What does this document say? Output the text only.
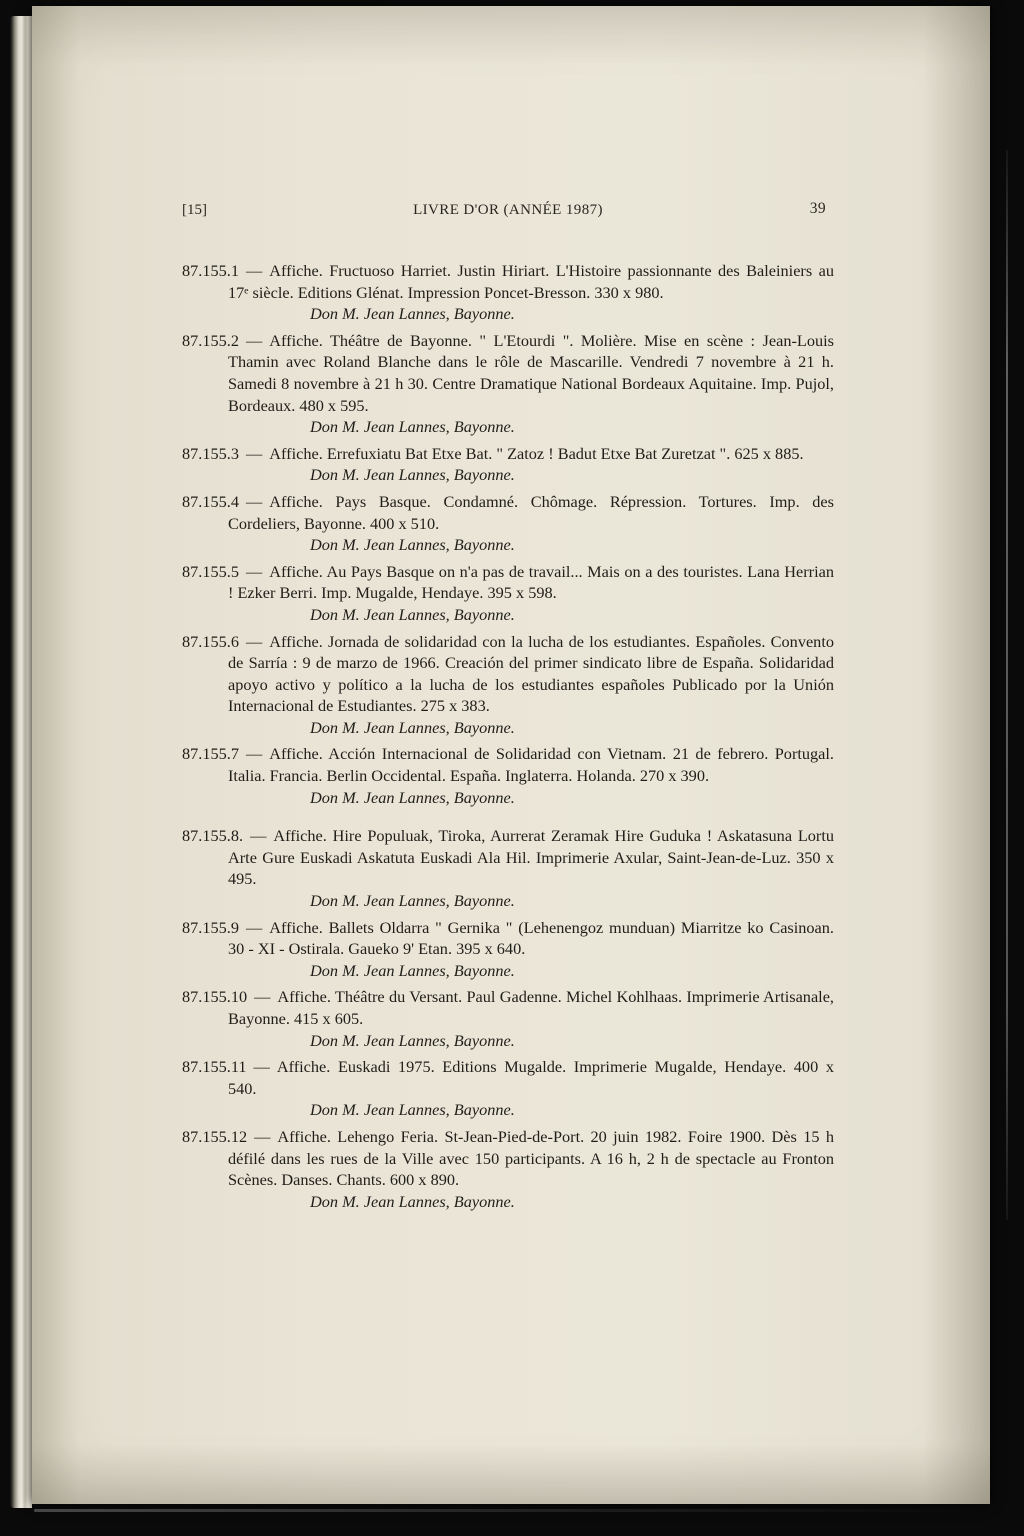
[15]	LIVRE D'OR (ANNÉE 1987)	39

87.155.1 — Affiche. Fructuoso Harriet. Justin Hiriart. L'Histoire passionnante des Baleiniers au 17ᵉ siècle. Editions Glénat. Impression Poncet-Bresson. 330 x 980.

Don M. Jean Lannes, Bayonne.

87.155.2 — Affiche. Théâtre de Bayonne. " L'Etourdi ". Molière. Mise en scène : Jean-Louis Thamin avec Roland Blanche dans le rôle de Mascarille. Vendredi 7 novembre à 21 h. Samedi 8 novembre à 21 h 30. Centre Dramatique National Bordeaux Aquitaine. Imp. Pujol, Bordeaux. 480 x 595.

Don M. Jean Lannes, Bayonne.

87.155.3 — Affiche. Errefuxiatu Bat Etxe Bat. " Zatoz ! Badut Etxe Bat Zuretzat ". 625 x 885.

Don M. Jean Lannes, Bayonne.

87.155.4 — Affiche. Pays Basque. Condamné. Chômage. Répression. Tortures. Imp. des Cordeliers, Bayonne. 400 x 510.

Don M. Jean Lannes, Bayonne.

87.155.5 — Affiche. Au Pays Basque on n'a pas de travail... Mais on a des touristes. Lana Herrian ! Ezker Berri. Imp. Mugalde, Hendaye. 395 x 598.

Don M. Jean Lannes, Bayonne.

87.155.6 — Affiche. Jornada de solidaridad con la lucha de los estudiantes. Españoles. Convento de Sarría : 9 de marzo de 1966. Creación del primer sindicato libre de España. Solidaridad apoyo activo y político a la lucha de los estudiantes españoles Publicado por la Unión Internacional de Estudiantes. 275 x 383.

Don M. Jean Lannes, Bayonne.

87.155.7 — Affiche. Acción Internacional de Solidaridad con Vietnam. 21 de febrero. Portugal. Italia. Francia. Berlin Occidental. España. Inglaterra. Holanda. 270 x 390.

Don M. Jean Lannes, Bayonne.

87.155.8. — Affiche. Hire Populuak, Tiroka, Aurrerat Zeramak Hire Guduka ! Askatasuna Lortu Arte Gure Euskadi Askatuta Euskadi Ala Hil. Imprimerie Axular, Saint-Jean-de-Luz. 350 x 495.

Don M. Jean Lannes, Bayonne.

87.155.9 — Affiche. Ballets Oldarra " Gernika " (Lehenengoz munduan) Miarritze ko Casinoan. 30 - XI - Ostirala. Gaueko 9' Etan. 395 x 640.

Don M. Jean Lannes, Bayonne.

87.155.10 — Affiche. Théâtre du Versant. Paul Gadenne. Michel Kohlhaas. Imprimerie Artisanale, Bayonne. 415 x 605.

Don M. Jean Lannes, Bayonne.

87.155.11 — Affiche. Euskadi 1975. Editions Mugalde. Imprimerie Mugalde, Hendaye. 400 x 540.

Don M. Jean Lannes, Bayonne.

87.155.12 — Affiche. Lehengo Feria. St-Jean-Pied-de-Port. 20 juin 1982. Foire 1900. Dès 15 h défilé dans les rues de la Ville avec 150 participants. A 16 h, 2 h de spectacle au Fronton Scènes. Danses. Chants. 600 x 890.

Don M. Jean Lannes, Bayonne.
